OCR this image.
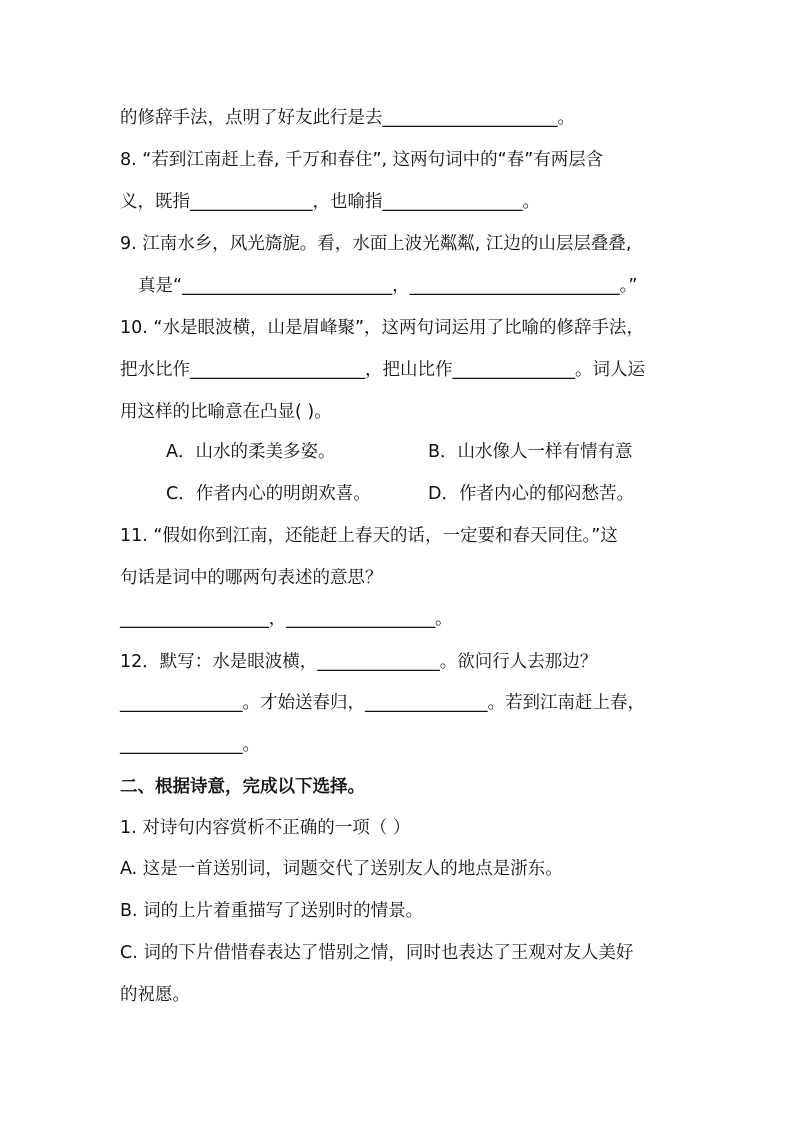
的修辞手法，点明了好友此行是去____________________。
8. “若到江南赶上春, 千万和春住”, 这两句词中的“春”有两层含
义，既指______________，也喻指________________。
9. 江南水乡，风光旖旎。看，水面上波光粼粼, 江边的山层层叠叠,
真是“________________________，________________________。”
10. “水是眼波横，山是眉峰聚”，这两句词运用了比喻的修辞手法，
把水比作____________________，把山比作______________。词人运
用这样的比喻意在凸显( )。
A．山水的柔美多姿。	B．山水像人一样有情有意
C．作者内心的明朗欢喜。	D．作者内心的郁闷愁苦。
11. “假如你到江南，还能赶上春天的话，一定要和春天同住。”这
句话是词中的哪两句表述的意思？
_________________，_________________。
12．默写：水是眼波横，______________。欲问行人去那边？
______________。才始送春归，______________。若到江南赶上春，
______________。
二、根据诗意，完成以下选择。
1. 对诗句内容赏析不正确的一项（ ）
A. 这是一首送别词，词题交代了送别友人的地点是浙东。
B. 词的上片着重描写了送别时的情景。
C. 词的下片借惜春表达了惜别之情，同时也表达了王观对友人美好
的祝愿。
